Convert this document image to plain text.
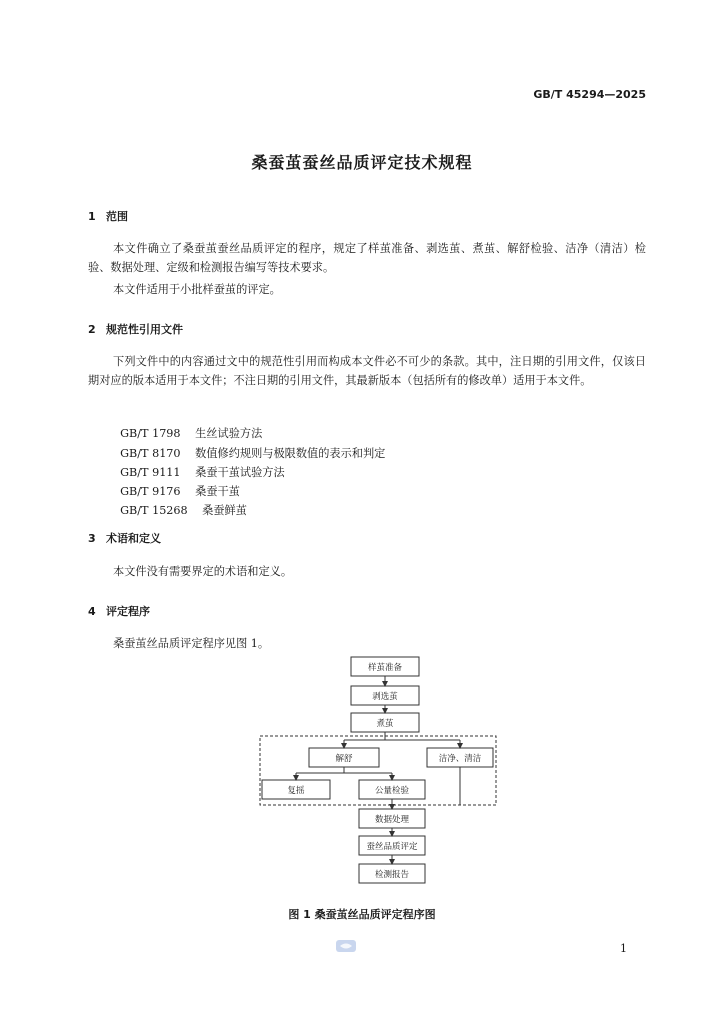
GB/T 45294—2025
桑蚕茧蚕丝品质评定技术规程
1 范围
本文件确立了桑蚕茧蚕丝品质评定的程序，规定了样茧准备、剥选茧、煮茧、解舒检验、洁净（清洁）检验、数据处理、定级和检测报告编写等技术要求。
本文件适用于小批样蚕茧的评定。
2 规范性引用文件
下列文件中的内容通过文中的规范性引用而构成本文件必不可少的条款。其中，注日期的引用文件，仅该日期对应的版本适用于本文件；不注日期的引用文件，其最新版本（包括所有的修改单）适用于本文件。

GB/T 1798 生丝试验方法

GB/T 8170 数值修约规则与极限数值的表示和判定

GB/T 9111 桑蚕干茧试验方法

GB/T 9176 桑蚕干茧

GB/T 15268 桑蚕鲜茧

3 术语和定义
本文件没有需要界定的术语和定义。
4 评定程序
桑蚕茧丝品质评定程序见图 1。
样茧准备
剥选茧
煮茧
解舒	洁净、清洁
复摇	公量检验
数据处理
蚕丝品质评定
检测报告
图 1 桑蚕茧丝品质评定程序图
1
